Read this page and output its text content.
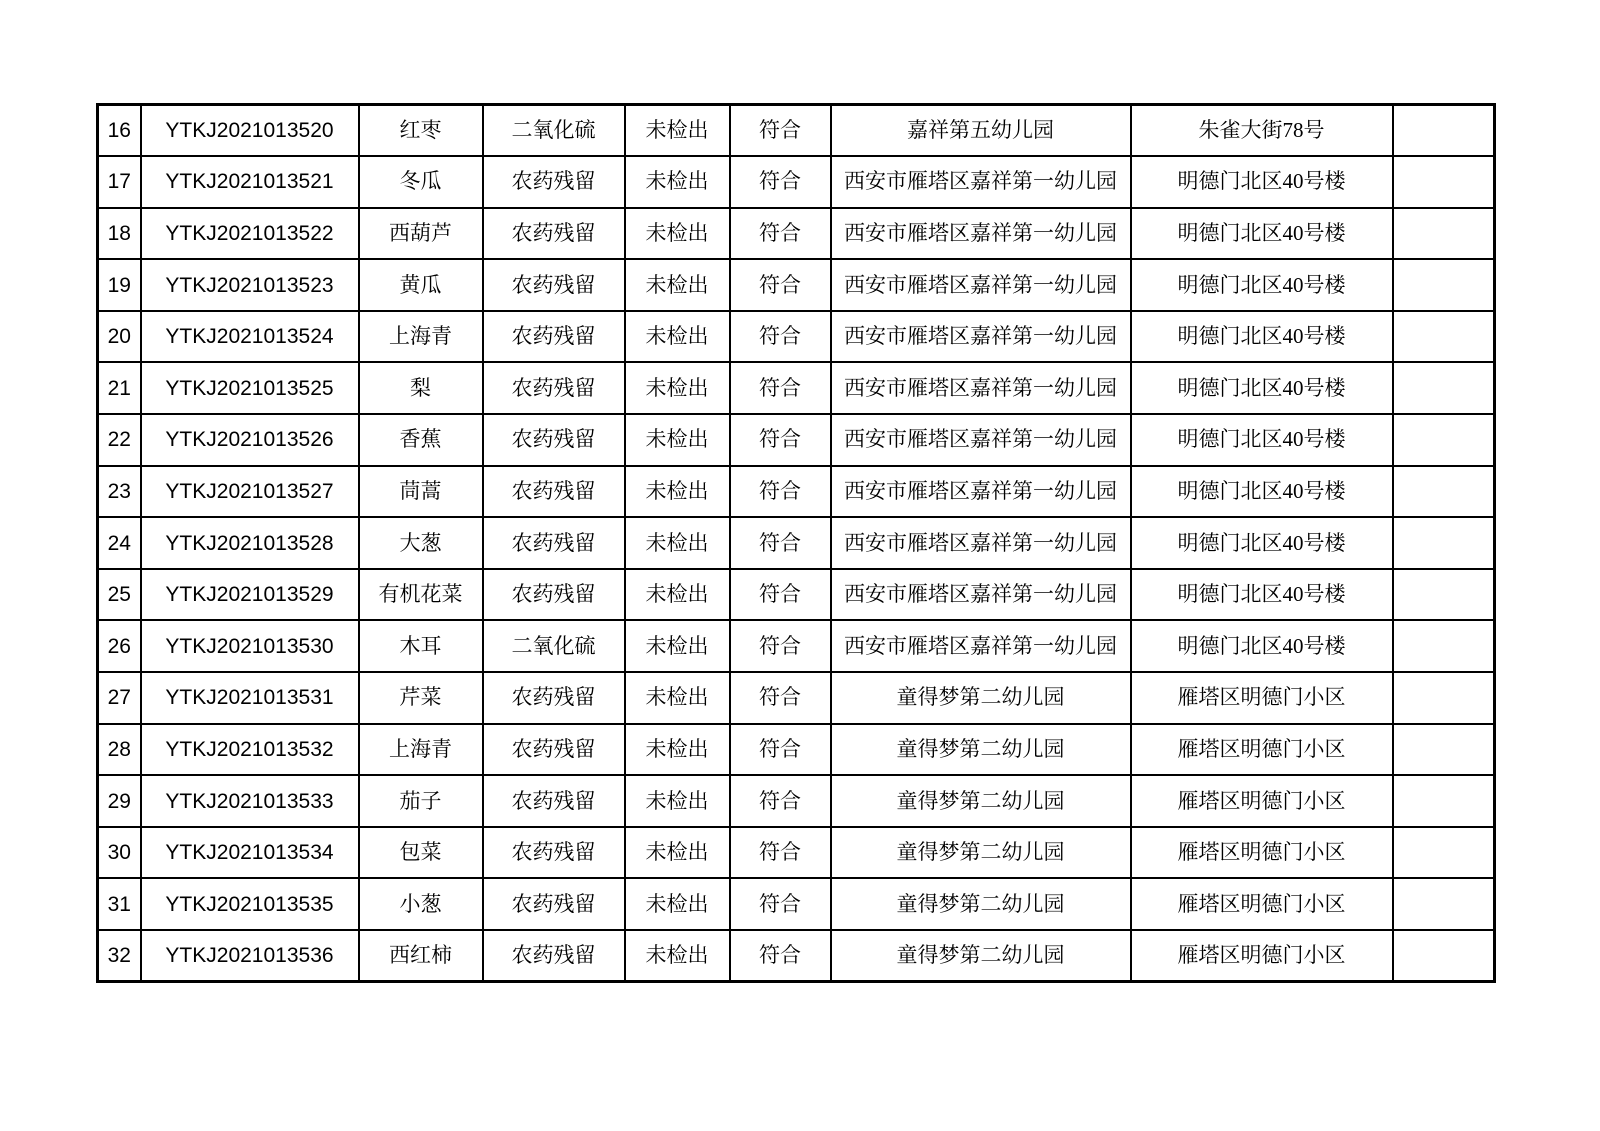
16	YTKJ2021013520	红枣	二氧化硫	未检出	符合	嘉祥第五幼儿园	朱雀大街78号	
17	YTKJ2021013521	冬瓜	农药残留	未检出	符合	西安市雁塔区嘉祥第一幼儿园	明德门北区40号楼	
18	YTKJ2021013522	西葫芦	农药残留	未检出	符合	西安市雁塔区嘉祥第一幼儿园	明德门北区40号楼	
19	YTKJ2021013523	黄瓜	农药残留	未检出	符合	西安市雁塔区嘉祥第一幼儿园	明德门北区40号楼	
20	YTKJ2021013524	上海青	农药残留	未检出	符合	西安市雁塔区嘉祥第一幼儿园	明德门北区40号楼	
21	YTKJ2021013525	梨	农药残留	未检出	符合	西安市雁塔区嘉祥第一幼儿园	明德门北区40号楼	
22	YTKJ2021013526	香蕉	农药残留	未检出	符合	西安市雁塔区嘉祥第一幼儿园	明德门北区40号楼	
23	YTKJ2021013527	茼蒿	农药残留	未检出	符合	西安市雁塔区嘉祥第一幼儿园	明德门北区40号楼	
24	YTKJ2021013528	大葱	农药残留	未检出	符合	西安市雁塔区嘉祥第一幼儿园	明德门北区40号楼	
25	YTKJ2021013529	有机花菜	农药残留	未检出	符合	西安市雁塔区嘉祥第一幼儿园	明德门北区40号楼	
26	YTKJ2021013530	木耳	二氧化硫	未检出	符合	西安市雁塔区嘉祥第一幼儿园	明德门北区40号楼	
27	YTKJ2021013531	芹菜	农药残留	未检出	符合	童得梦第二幼儿园	雁塔区明德门小区	
28	YTKJ2021013532	上海青	农药残留	未检出	符合	童得梦第二幼儿园	雁塔区明德门小区	
29	YTKJ2021013533	茄子	农药残留	未检出	符合	童得梦第二幼儿园	雁塔区明德门小区	
30	YTKJ2021013534	包菜	农药残留	未检出	符合	童得梦第二幼儿园	雁塔区明德门小区	
31	YTKJ2021013535	小葱	农药残留	未检出	符合	童得梦第二幼儿园	雁塔区明德门小区	
32	YTKJ2021013536	西红柿	农药残留	未检出	符合	童得梦第二幼儿园	雁塔区明德门小区	
